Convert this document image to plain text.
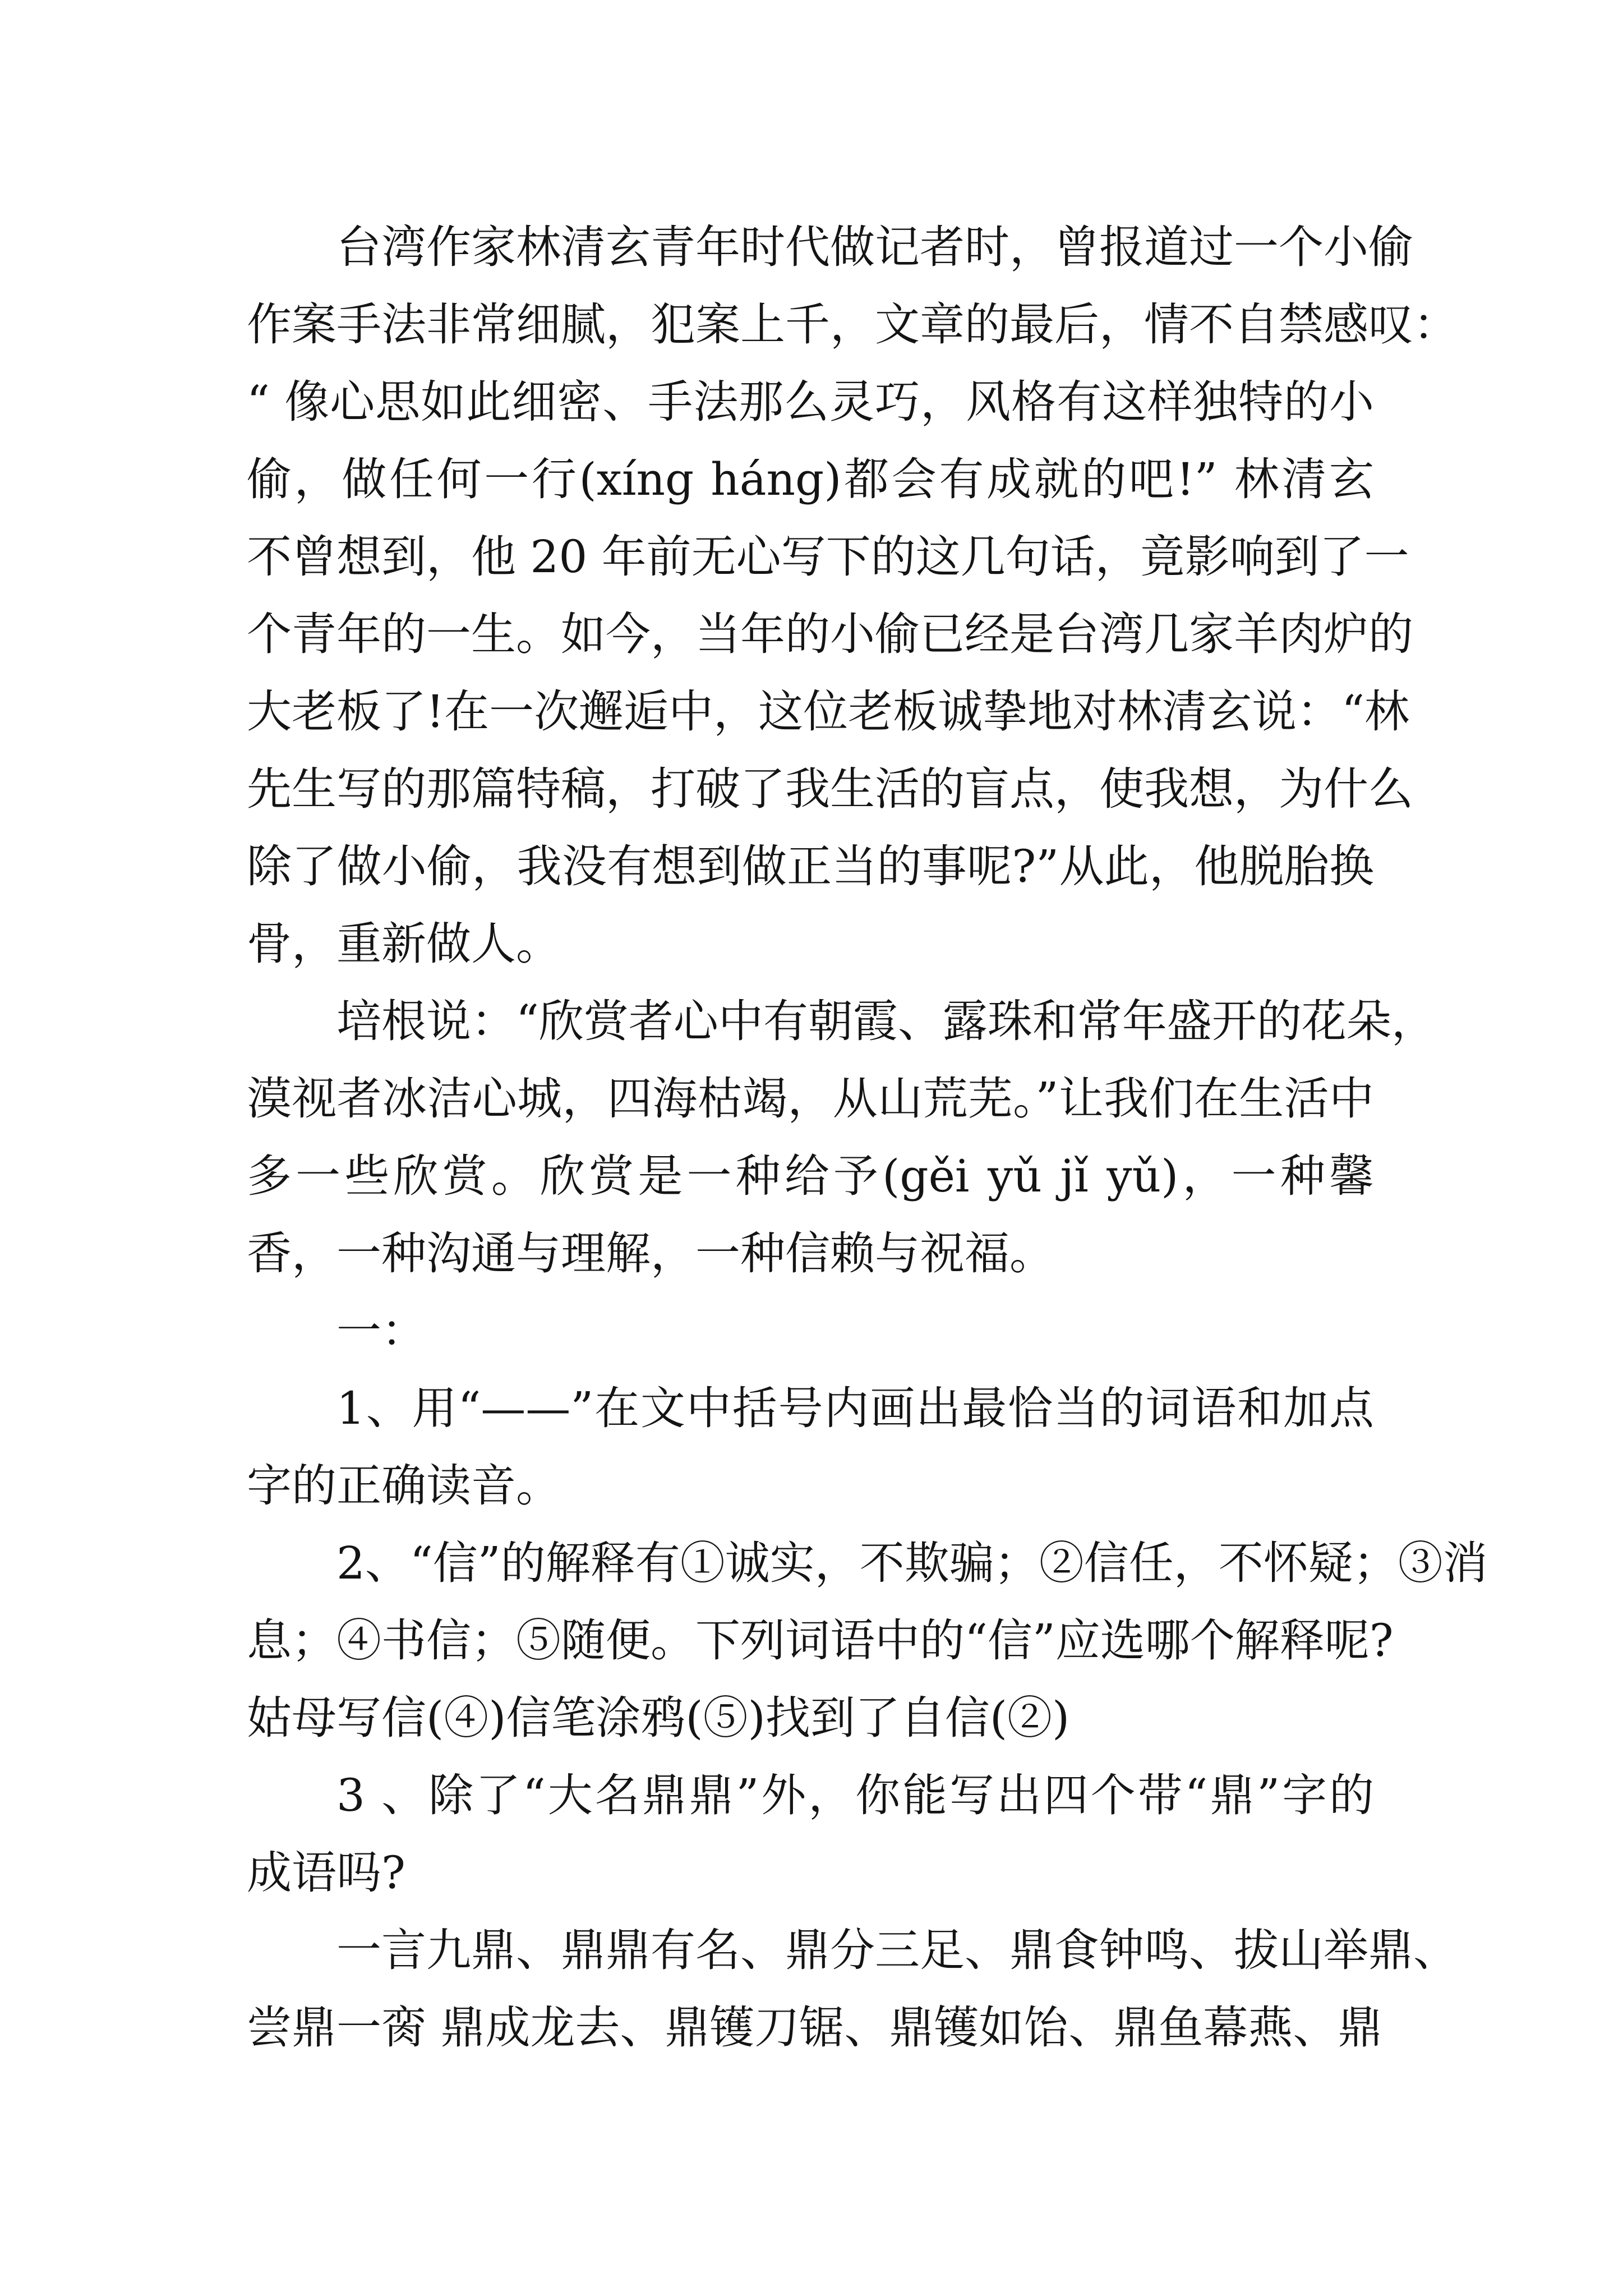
台湾作家林清玄青年时代做记者时，曾报道过一个小偷
作案手法非常细腻，犯案上千，文章的最后，情不自禁感叹：
“ 像心思如此细密、手法那么灵巧，风格有这样独特的小
偷，做任何一行(xíng háng)都会有成就的吧!” 林清玄
不曾想到，他 20 年前无心写下的这几句话，竟影响到了一
个青年的一生。如今，当年的小偷已经是台湾几家羊肉炉的
大老板了!在一次邂逅中，这位老板诚挚地对林清玄说：“林
先生写的那篇特稿，打破了我生活的盲点，使我想，为什么
除了做小偷，我没有想到做正当的事呢?”从此，他脱胎换
骨，重新做人。
培根说：“欣赏者心中有朝霞、露珠和常年盛开的花朵，
漠视者冰洁心城，四海枯竭，从山荒芜。”让我们在生活中
多一些欣赏。欣赏是一种给予(gěi yǔ jǐ yǔ)，一种馨
香，一种沟通与理解，一种信赖与祝福。
一：
1、用“——”在文中括号内画出最恰当的词语和加点
字的正确读音。
2、“信”的解释有①诚实，不欺骗；②信任，不怀疑；③消
息；④书信；⑤随便。下列词语中的“信”应选哪个解释呢?
姑母写信(④)信笔涂鸦(⑤)找到了自信(②)
3 、除了“大名鼎鼎”外，你能写出四个带“鼎”字的
成语吗?
一言九鼎、鼎鼎有名、鼎分三足、鼎食钟鸣、拔山举鼎、
尝鼎一脔 鼎成龙去、鼎镬刀锯、鼎镬如饴、鼎鱼幕燕、鼎
